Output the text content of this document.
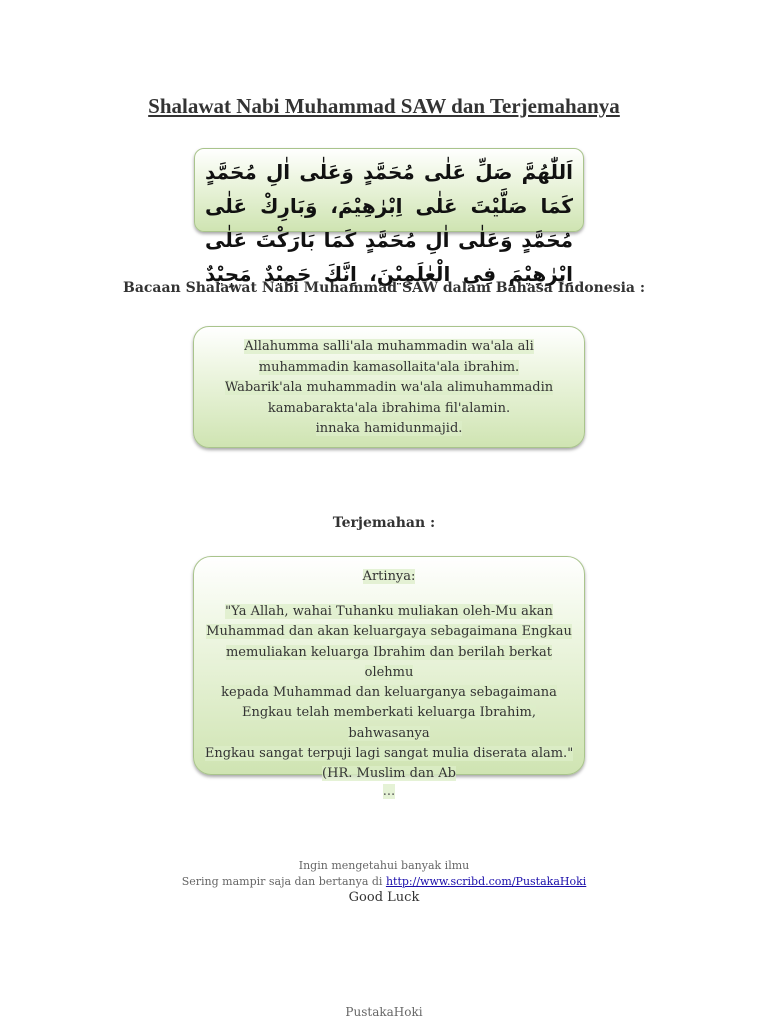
Shalawat Nabi Muhammad SAW dan Terjemahanya
اَللّٰهُمَّ صَلِّ عَلٰى مُحَمَّدٍ وَعَلٰى اٰلِ مُحَمَّدٍ كَمَا صَلَّيْتَ عَلٰى اِبْرٰهِيْمَ، وَبَارِكْ عَلٰى
مُحَمَّدٍ وَعَلٰى اٰلِ مُحَمَّدٍ كَمَا بَارَكْتَ عَلٰى اِبْرٰهِيْمَ فِى الْعٰلَمِيْنَ، اِنَّكَ حَمِيْدٌ مَجِيْدٌ
Bacaan Shalawat Nabi Muhammad SAW dalam Bahasa Indonesia :
Allahumma salli'ala muhammadin wa'ala ali
muhammadin kamasollaita'ala ibrahim.
Wabarik'ala muhammadin wa'ala alimuhammadin
kamabarakta'ala ibrahima fil'alamin.
innaka hamidunmajid.
Terjemahan :
Artinya:
"Ya Allah, wahai Tuhanku muliakan oleh-Mu akan
Muhammad dan akan keluargaya sebagaimana Engkau
memuliakan keluarga Ibrahim dan berilah berkat olehmu
kepada Muhammad dan keluarganya sebagaimana
Engkau telah memberkati keluarga Ibrahim, bahwasanya
Engkau sangat terpuji lagi sangat mulia diserata alam."
(HR. Muslim dan Ab
...
Ingin mengetahui banyak ilmu
Sering mampir saja dan bertanya di http://www.scribd.com/PustakaHoki
Good Luck
PustakaHoki
